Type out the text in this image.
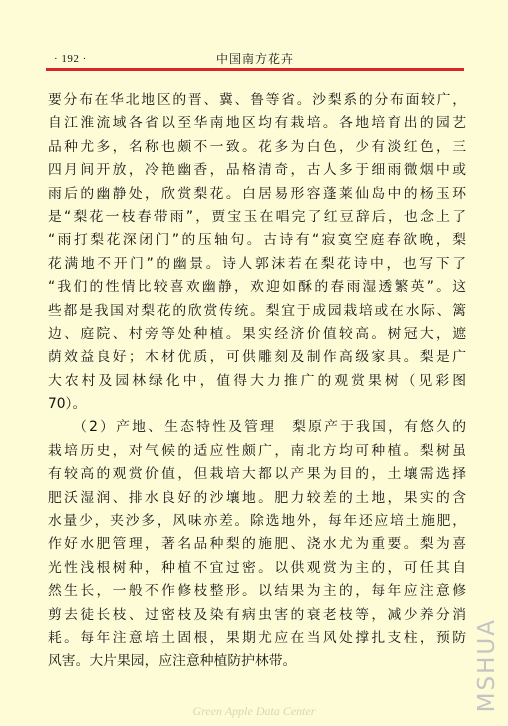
· 192 ·	中国南方花卉
要分布在华北地区的晋、冀、鲁等省。沙梨系的分布面较广，
自江淮流域各省以至华南地区均有栽培。各地培育出的园艺
品种尤多，名称也颇不一致。花多为白色，少有淡红色，三
四月间开放，冷艳幽香，品格清奇，古人多于细雨微烟中或
雨后的幽静处，欣赏梨花。白居易形容蓬莱仙岛中的杨玉环
是“梨花一枝春带雨”，贾宝玉在唱完了红豆辞后，也念上了
“雨打梨花深闭门”的压轴句。古诗有“寂寞空庭春欲晚，梨
花满地不开门”的幽景。诗人郭沫若在梨花诗中，也写下了
“我们的性情比较喜欢幽静，欢迎如酥的春雨湿透繁英”。这
些都是我国对梨花的欣赏传统。梨宜于成园栽培或在水际、篱
边、庭院、村旁等处种植。果实经济价值较高。树冠大，遮
荫效益良好；木材优质，可供雕刻及制作高级家具。梨是广
大农村及园林绿化中，值得大力推广的观赏果树（见彩图
70）。
　　（2）产地、生态特性及管理　梨原产于我国，有悠久的
栽培历史，对气候的适应性颇广，南北方均可种植。梨树虽
有较高的观赏价值，但栽培大都以产果为目的，土壤需选择
肥沃湿润、排水良好的沙壤地。肥力较差的土地，果实的含
水量少，夹沙多，风味亦差。除选地外，每年还应培土施肥，
作好水肥管理，著名品种梨的施肥、浇水尤为重要。梨为喜
光性浅根树种，种植不宜过密。以供观赏为主的，可任其自
然生长，一般不作修枝整形。以结果为主的，每年应注意修
剪去徒长枝、过密枝及染有病虫害的衰老枝等，减少养分消
耗。每年注意培土固根，果期尤应在当风处撑扎支柱，预防
风害。大片果园，应注意种植防护林带。	MSHUA
Green Apple Data Center
